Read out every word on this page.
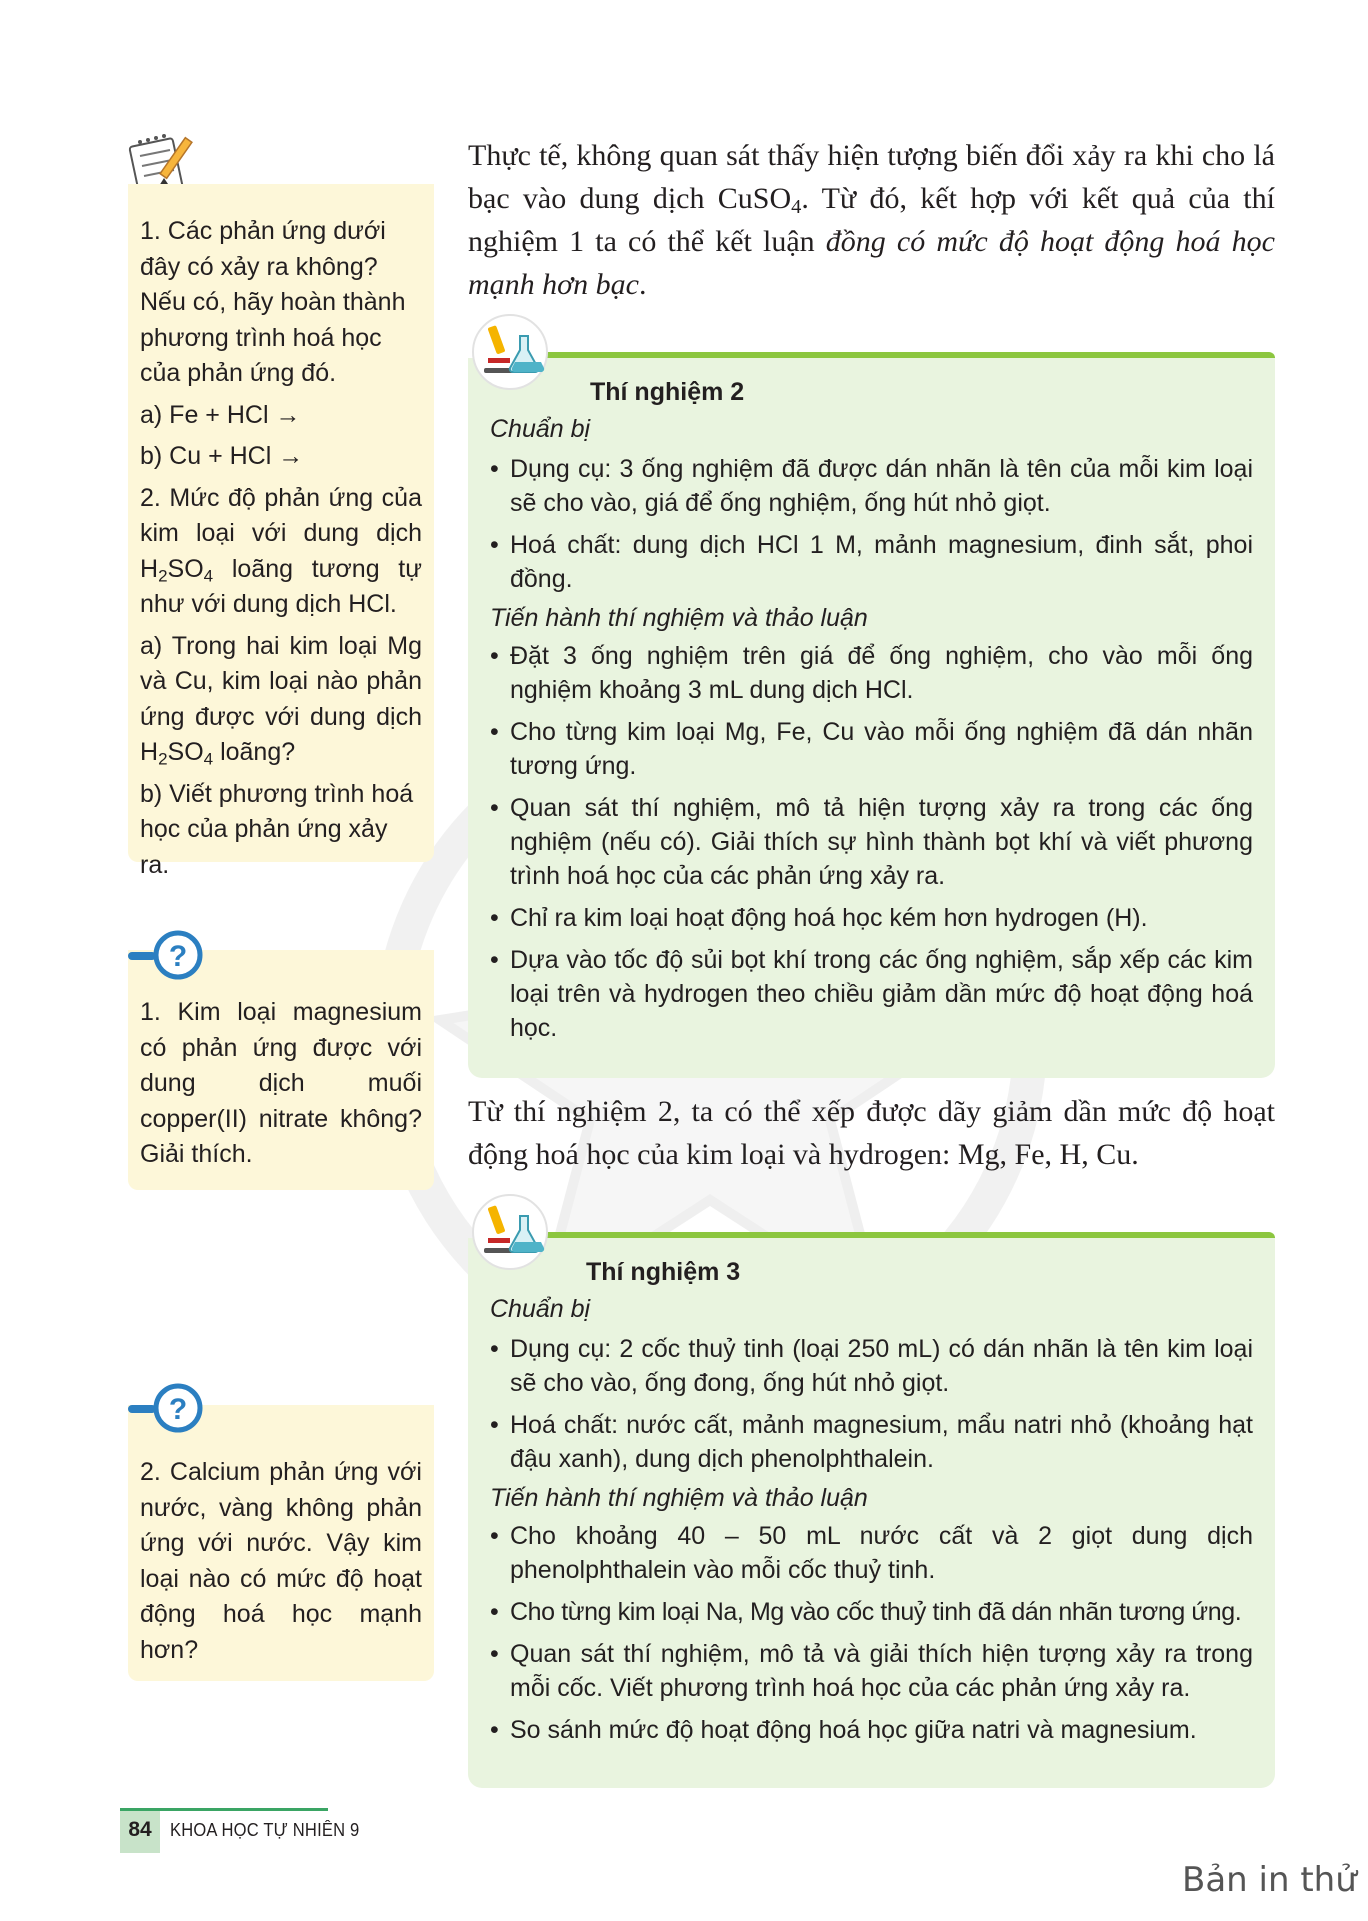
1. Các phản ứng dưới đây có xảy ra không? Nếu có, hãy hoàn thành phương trình hoá học của phản ứng đó.

a) Fe + HCl →

b) Cu + HCl →

2. Mức độ phản ứng của kim loại với dung dịch $H_2SO_4$ loãng tương tự như với dung dịch HCl.

a) Trong hai kim loại Mg và Cu, kim loại nào phản ứng được với dung dịch $H_2SO_4$ loãng?

b) Viết phương trình hoá học của phản ứng xảy ra.

1. Kim loại magnesium có phản ứng được với dung dịch muối copper(II) nitrate không? Giải thích.

?

2. Calcium phản ứng với nước, vàng không phản ứng với nước. Vậy kim loại nào có mức độ hoạt động hoá học mạnh hơn?

?
Thực tế, không quan sát thấy hiện tượng biến đổi xảy ra khi cho lá bạc vào dung dịch CuSO$_4$. Từ đó, kết hợp với kết quả của thí nghiệm 1 ta có thể kết luận đồng có mức độ hoạt động hoá học mạnh hơn bạc.
Thí nghiệm 2
Chuẩn bị
• Dụng cụ: 3 ống nghiệm đã được dán nhãn là tên của mỗi kim loại sẽ cho vào, giá để ống nghiệm, ống hút nhỏ giọt.
• Hoá chất: dung dịch HCl 1 M, mảnh magnesium, đinh sắt, phoi đồng.
Tiến hành thí nghiệm và thảo luận
• Đặt 3 ống nghiệm trên giá để ống nghiệm, cho vào mỗi ống nghiệm khoảng 3 mL dung dịch HCl.
• Cho từng kim loại Mg, Fe, Cu vào mỗi ống nghiệm đã dán nhãn tương ứng.
• Quan sát thí nghiệm, mô tả hiện tượng xảy ra trong các ống nghiệm (nếu có). Giải thích sự hình thành bọt khí và viết phương trình hoá học của các phản ứng xảy ra.
• Chỉ ra kim loại hoạt động hoá học kém hơn hydrogen (H).
• Dựa vào tốc độ sủi bọt khí trong các ống nghiệm, sắp xếp các kim loại trên và hydrogen theo chiều giảm dần mức độ hoạt động hoá học.
Từ thí nghiệm 2, ta có thể xếp được dãy giảm dần mức độ hoạt động hoá học của kim loại và hydrogen: Mg, Fe, H, Cu.
Thí nghiệm 3
Chuẩn bị
• Dụng cụ: 2 cốc thuỷ tinh (loại 250 mL) có dán nhãn là tên kim loại sẽ cho vào, ống đong, ống hút nhỏ giọt.
• Hoá chất: nước cất, mảnh magnesium, mẩu natri nhỏ (khoảng hạt đậu xanh), dung dịch phenolphthalein.
Tiến hành thí nghiệm và thảo luận
• Cho khoảng 40 – 50 mL nước cất và 2 giọt dung dịch phenolphthalein vào mỗi cốc thuỷ tinh.
• Cho từng kim loại Na, Mg vào cốc thuỷ tinh đã dán nhãn tương ứng.
• Quan sát thí nghiệm, mô tả và giải thích hiện tượng xảy ra trong mỗi cốc. Viết phương trình hoá học của các phản ứng xảy ra.
• So sánh mức độ hoạt động hoá học giữa natri và magnesium.
84	KHOA HỌC TỰ NHIÊN 9
Bản in thử
